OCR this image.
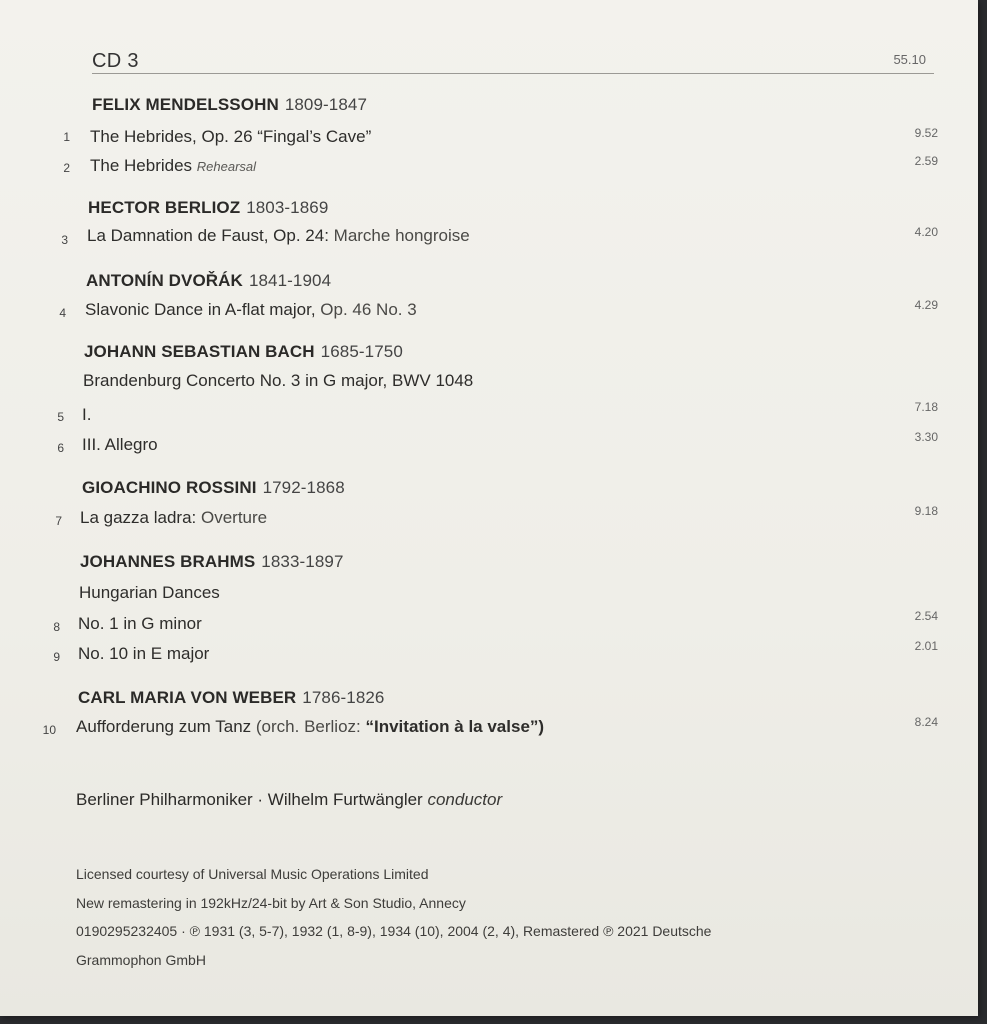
CD 3	55.10
FELIX MENDELSSOHN 1809-1847
1 The Hebrides, Op. 26 “Fingal’s Cave”	9.52
2 The Hebrides Rehearsal	2.59
HECTOR BERLIOZ 1803-1869
3 La Damnation de Faust, Op. 24: Marche hongroise	4.20
ANTONÍN DVOŘÁK 1841-1904
4 Slavonic Dance in A-flat major, Op. 46 No. 3	4.29
JOHANN SEBASTIAN BACH 1685-1750
Brandenburg Concerto No. 3 in G major, BWV 1048
5 I.	7.18
6 III. Allegro	3.30
GIOACHINO ROSSINI 1792-1868
7 La gazza ladra: Overture	9.18
JOHANNES BRAHMS 1833-1897
Hungarian Dances
8 No. 1 in G minor	2.54
9 No. 10 in E major	2.01
CARL MARIA VON WEBER 1786-1826
10 Aufforderung zum Tanz (orch. Berlioz: “Invitation à la valse”)	8.24
Berliner Philharmoniker · Wilhelm Furtwängler conductor
Licensed courtesy of Universal Music Operations Limited
New remastering in 192kHz/24-bit by Art & Son Studio, Annecy
0190295232405 · ℗ 1931 (3, 5-7), 1932 (1, 8-9), 1934 (10), 2004 (2, 4), Remastered ℗ 2021 Deutsche
Grammophon GmbH
